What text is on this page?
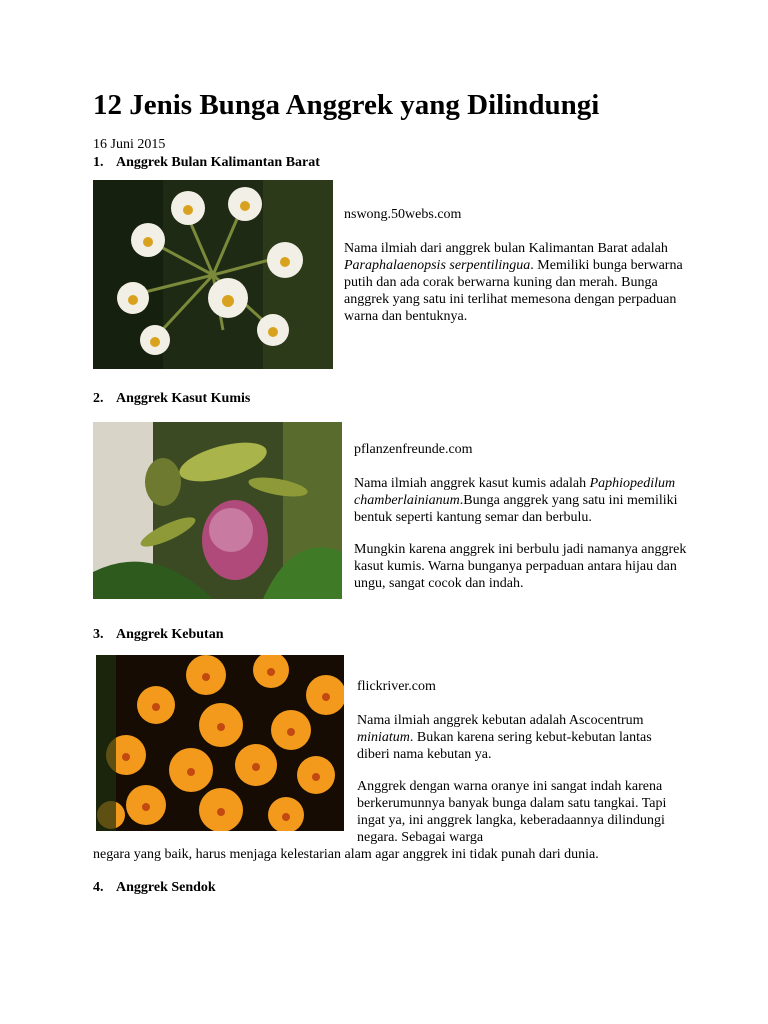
12 Jenis Bunga Anggrek yang Dilindungi
16 Juni 2015
1. Anggrek Bulan Kalimantan Barat

nswong.50webs.com

Nama ilmiah dari anggrek bulan Kalimantan Barat adalah Paraphalaenopsis serpentilingua. Memiliki bunga berwarna putih dan ada corak berwarna kuning dan merah. Bunga anggrek yang satu ini terlihat memesona dengan perpaduan warna dan bentuknya.

2. Anggrek Kasut Kumis

pflanzenfreunde.com

Nama ilmiah anggrek kasut kumis adalah Paphiopedilum chamberlainianum.Bunga anggrek yang satu ini memiliki bentuk seperti kantung semar dan berbulu.

Mungkin karena anggrek ini berbulu jadi namanya anggrek kasut kumis. Warna bunganya perpaduan antara hijau dan ungu, sangat cocok dan indah.

3. Anggrek Kebutan

flickriver.com

Nama ilmiah anggrek kebutan adalah Ascocentrum miniatum. Bukan karena sering kebut-kebutan lantas diberi nama kebutan ya.

Anggrek dengan warna oranye ini sangat indah karena berkerumunnya banyak bunga dalam satu tangkai. Tapi ingat ya, ini anggrek langka, keberadaannya dilindungi negara. Sebagai warga

negara yang baik, harus menjaga kelestarian alam agar anggrek ini tidak punah dari dunia.
4. Anggrek Sendok
